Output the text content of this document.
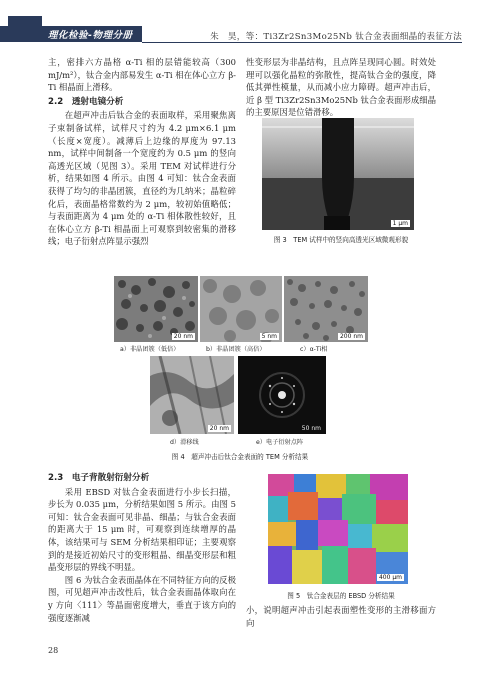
理化检验-物理分册	朱　昊，等：Ti3Zr2Sn3Mo25Nb 钛合金表面细晶的表征方法

主，密排六方晶格 α-Ti 相的层错能较高（300 mJ/m²），钛合金内部易发生 α-Ti 相在体心立方 β-Ti 相晶面上滑移。

2.2　透射电镜分析

在超声冲击后钛合金的表面取样，采用聚焦离子束制备试样，试样尺寸约为 4.2 μm×6.1 μm（长度×宽度）。减薄后上边缘的厚度为 97.13 nm，试样中间制备一个宽度约为 0.5 μm 的竖向高透光区域（见图 3）。采用 TEM 对试样进行分析，结果如图 4 所示。由图 4 可知：钛合金表面获得了均匀的非晶团簇，直径约为几纳米；晶粒碎化后，表面晶格常数约为 2 μm，较初始值略低；与表面距离为 4 μm 处的 α-Ti 相体散性较好，且在体心立方 β-Ti 相晶面上可观察到较密集的滑移线；电子衍射点阵显示强烈

性变形层为非晶结构，且点阵呈现同心圆。时效处理可以强化晶粒的弥散性，提高钛合金的强度，降低其弹性模量，从而减小应力障碍。超声冲击后，近 β 型 Ti3Zr2Sn3Mo25Nb 钛合金表面形成细晶的主要原因是位错滑移。

1 μm
图 3　TEM 试样中的竖向高透光区域微观形貌
20 nm	5 nm	200 nm
a）非晶团簇（低倍）	b）非晶团簇（高倍）	c）α-Ti相
20 nm	50 nm
d）滑移线	e）电子衍射点阵
图 4　超声冲击后钛合金表面的 TEM 分析结果
2.3　电子背散射衍射分析

采用 EBSD 对钛合金表面进行小步长扫描，步长为 0.035 μm，分析结果如图 5 所示。由图 5 可知：钛合金表面可见非晶、细晶；与钛合金表面的距离大于 15 μm 时，可观察到连续增厚的晶体，该结果可与 SEM 分析结果相印证；主要观察到的是接近初始尺寸的变形粗晶、细晶变形层和粗晶变形层的界线不明显。

图 6 为钛合金表面晶体在不同特征方向的反极图，可见超声冲击改性后，钛合金表面晶体取向在 y 方向〈111〉等晶面密度增大，垂直于该方向的强度逐渐减

400 μm
图 5　钛合金表层的 EBSD 分析结果

小，说明超声冲击引起表面塑性变形的主滑移面方向

28
